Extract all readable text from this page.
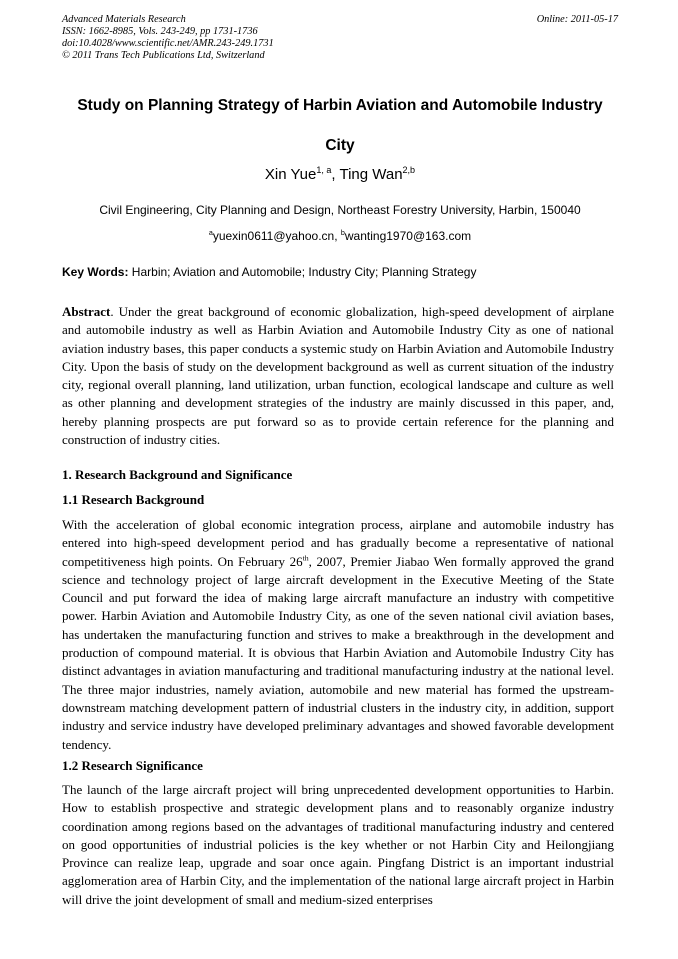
Advanced Materials Research
ISSN: 1662-8985, Vols. 243-249, pp 1731-1736
doi:10.4028/www.scientific.net/AMR.243-249.1731
© 2011 Trans Tech Publications Ltd, Switzerland
Online: 2011-05-17
Study on Planning Strategy of Harbin Aviation and Automobile Industry
City
Xin Yue$^{1, a}$, Ting Wan$^{2,b}$
Civil Engineering, City Planning and Design, Northeast Forestry University, Harbin, 150040
$^a$yuexin0611@yahoo.cn, $^b$wanting1970@163.com
Key Words: Harbin; Aviation and Automobile; Industry City; Planning Strategy
Abstract. Under the great background of economic globalization, high-speed development of airplane and automobile industry as well as Harbin Aviation and Automobile Industry City as one of national aviation industry bases, this paper conducts a systemic study on Harbin Aviation and Automobile Industry City. Upon the basis of study on the development background as well as current situation of the industry city, regional overall planning, land utilization, urban function, ecological landscape and culture as well as other planning and development strategies of the industry are mainly discussed in this paper, and, hereby planning prospects are put forward so as to provide certain reference for the planning and construction of industry cities.
1. Research Background and Significance
1.1 Research Background
With the acceleration of global economic integration process, airplane and automobile industry has entered into high-speed development period and has gradually become a representative of national competitiveness high points. On February 26th, 2007, Premier Jiabao Wen formally approved the grand science and technology project of large aircraft development in the Executive Meeting of the State Council and put forward the idea of making large aircraft manufacture an industry with competitive power. Harbin Aviation and Automobile Industry City, as one of the seven national civil aviation bases, has undertaken the manufacturing function and strives to make a breakthrough in the development and production of compound material. It is obvious that Harbin Aviation and Automobile Industry City has distinct advantages in aviation manufacturing and traditional manufacturing industry at the national level. The three major industries, namely aviation, automobile and new material has formed the upstream-downstream matching development pattern of industrial clusters in the industry city, in addition, support industry and service industry have developed preliminary advantages and showed favorable development tendency.
1.2 Research Significance
The launch of the large aircraft project will bring unprecedented development opportunities to Harbin. How to establish prospective and strategic development plans and to reasonably organize industry coordination among regions based on the advantages of traditional manufacturing industry and centered on good opportunities of industrial policies is the key whether or not Harbin City and Heilongjiang Province can realize leap, upgrade and soar once again. Pingfang District is an important industrial agglomeration area of Harbin City, and the implementation of the national large aircraft project in Harbin will drive the joint development of small and medium-sized enterprises
